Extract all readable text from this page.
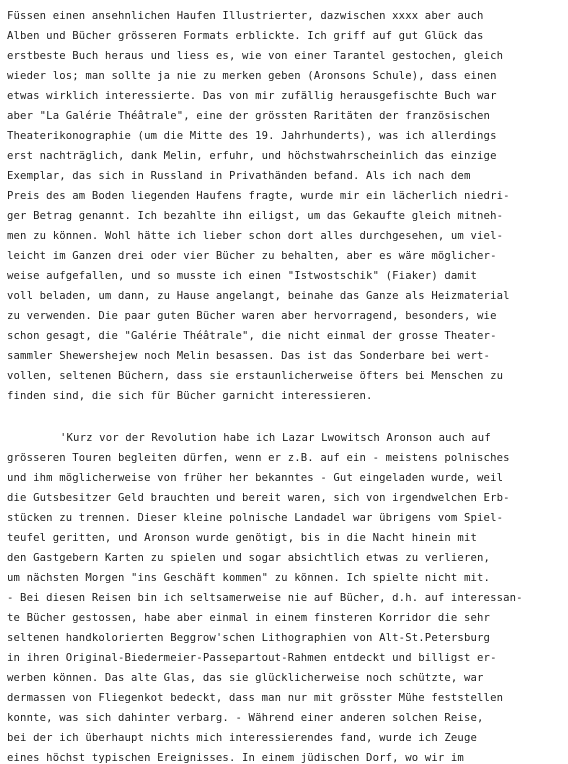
Füssen einen ansehnlichen Haufen Illustrierter, dazwischen xxxx aber auch
Alben und Bücher grösseren Formats erblickte. Ich griff auf gut Glück das
erstbeste Buch heraus und liess es, wie von einer Tarantel gestochen, gleich
wieder los; man sollte ja nie zu merken geben (Aronsons Schule), dass einen
etwas wirklich interessierte. Das von mir zufällig herausgefischte Buch war
aber "La Galérie Théâtrale", eine der grössten Raritäten der französischen
Theaterikonographie (um die Mitte des 19. Jahrhunderts), was ich allerdings
erst nachträglich, dank Melin, erfuhr, und höchstwahrscheinlich das einzige
Exemplar, das sich in Russland in Privathänden befand. Als ich nach dem
Preis des am Boden liegenden Haufens fragte, wurde mir ein lächerlich niedri-
ger Betrag genannt. Ich bezahlte ihn eiligst, um das Gekaufte gleich mitneh-
men zu können. Wohl hätte ich lieber schon dort alles durchgesehen, um viel-
leicht im Ganzen drei oder vier Bücher zu behalten, aber es wäre möglicher-
weise aufgefallen, und so musste ich einen "Istwostschik" (Fiaker) damit
voll beladen, um dann, zu Hause angelangt, beinahe das Ganze als Heizmaterial
zu verwenden. Die paar guten Bücher waren aber hervorragend, besonders, wie
schon gesagt, die "Galérie Théâtrale", die nicht einmal der grosse Theater-
sammler Shewershejew noch Melin besassen. Das ist das Sonderbare bei wert-
vollen, seltenen Büchern, dass sie erstaunlicherweise öfters bei Menschen zu
finden sind, die sich für Bücher garnicht interessieren.
'Kurz vor der Revolution habe ich Lazar Lwowitsch Aronson auch auf
grösseren Touren begleiten dürfen, wenn er z.B. auf ein - meistens polnisches
und ihm möglicherweise von früher her bekanntes - Gut eingeladen wurde, weil
die Gutsbesitzer Geld brauchten und bereit waren, sich von irgendwelchen Erb-
stücken zu trennen. Dieser kleine polnische Landadel war übrigens vom Spiel-
teufel geritten, und Aronson wurde genötigt, bis in die Nacht hinein mit
den Gastgebern Karten zu spielen und sogar absichtlich etwas zu verlieren,
um nächsten Morgen "ins Geschäft kommen" zu können. Ich spielte nicht mit.
- Bei diesen Reisen bin ich seltsamerweise nie auf Bücher, d.h. auf interessan-
te Bücher gestossen, habe aber einmal in einem finsteren Korridor die sehr
seltenen handkolorierten Beggrow'schen Lithographien von Alt-St.Petersburg
in ihren Original-Biedermeier-Passepartout-Rahmen entdeckt und billigst er-
werben können. Das alte Glas, das sie glücklicherweise noch schützte, war
dermassen von Fliegenkot bedeckt, dass man nur mit grösster Mühe feststellen
konnte, was sich dahinter verbarg. - Während einer anderen solchen Reise,
bei der ich überhaupt nichts mich interessierendes fand, wurde ich Zeuge
eines höchst typischen Ereignisses. In einem jüdischen Dorf, wo wir im
